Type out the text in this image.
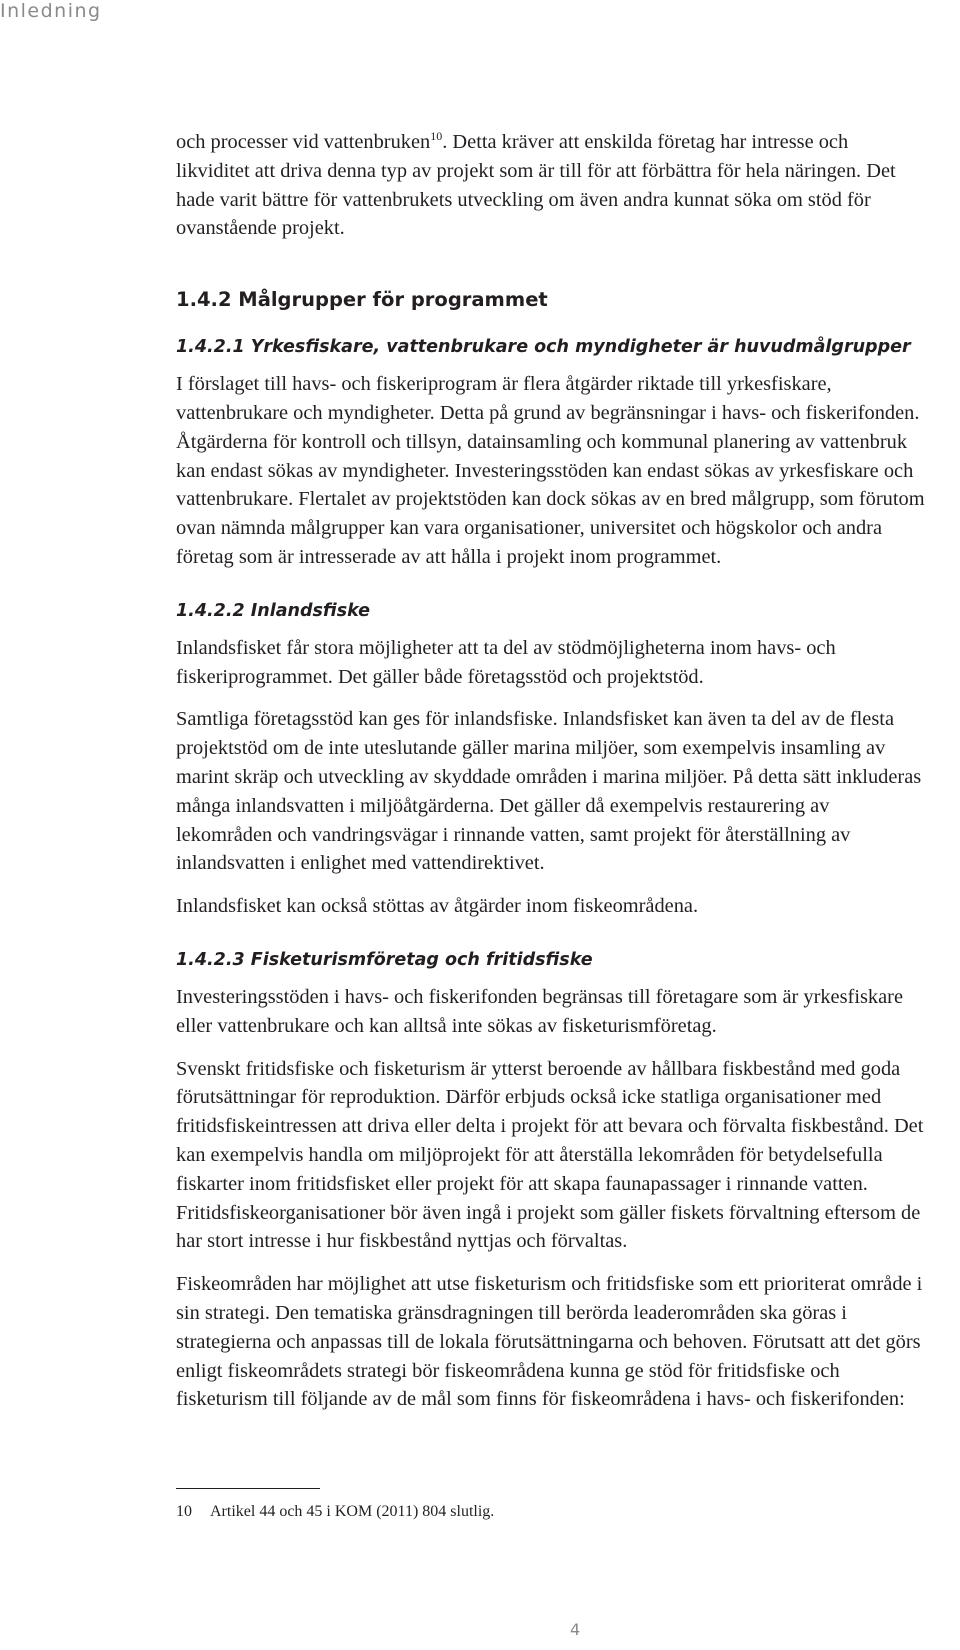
Inledning

och processer vid vattenbruken$^{10}$. Detta kräver att enskilda företag har intresse och likviditet att driva denna typ av projekt som är till för att förbättra för hela näringen. Det hade varit bättre för vattenbrukets utveckling om även andra kunnat söka om stöd för ovanstående projekt.

1.4.2 Målgrupper för programmet
1.4.2.1 Yrkesfiskare, vattenbrukare och myndigheter är huvudmålgrupper

I förslaget till havs- och fiskeriprogram är flera åtgärder riktade till yrkesfiskare, vattenbrukare och myndigheter. Detta på grund av begränsningar i havs- och fiskerifonden. Åtgärderna för kontroll och tillsyn, datainsamling och kommunal planering av vattenbruk kan endast sökas av myndigheter. Investeringsstöden kan endast sökas av yrkesfiskare och vattenbrukare. Flertalet av projektstöden kan dock sökas av en bred målgrupp, som förutom ovan nämnda målgrupper kan vara organisationer, universitet och högskolor och andra företag som är intresserade av att hålla i projekt inom programmet.

1.4.2.2 Inlandsfiske

Inlandsfisket får stora möjligheter att ta del av stödmöjligheterna inom havs- och fiskeriprogrammet. Det gäller både företagsstöd och projektstöd.

Samtliga företagsstöd kan ges för inlandsfiske. Inlandsfisket kan även ta del av de flesta projektstöd om de inte uteslutande gäller marina miljöer, som exempelvis insamling av marint skräp och utveckling av skyddade områden i marina miljöer. På detta sätt inkluderas många inlandsvatten i miljöåtgärderna. Det gäller då exempelvis restaurering av lekområden och vandringsvägar i rinnande vatten, samt projekt för återställning av inlandsvatten i enlighet med vattendirektivet.

Inlandsfisket kan också stöttas av åtgärder inom fiskeområdena.

1.4.2.3 Fisketurismföretag och fritidsfiske

Investeringsstöden i havs- och fiskerifonden begränsas till företagare som är yrkesfiskare eller vattenbrukare och kan alltså inte sökas av fisketurismföretag.

Svenskt fritidsfiske och fisketurism är ytterst beroende av hållbara fiskbestånd med goda förutsättningar för reproduktion. Därför erbjuds också icke statliga organisationer med fritidsfiskeintressen att driva eller delta i projekt för att bevara och förvalta fiskbestånd. Det kan exempelvis handla om miljöprojekt för att återställa lekområden för betydelsefulla fiskarter inom fritidsfisket eller projekt för att skapa faunapassager i rinnande vatten. Fritidsfiskeorganisationer bör även ingå i projekt som gäller fiskets förvaltning eftersom de har stort intresse i hur fiskbestånd nyttjas och förvaltas.

Fiskeområden har möjlighet att utse fisketurism och fritidsfiske som ett prioriterat område i sin strategi. Den tematiska gränsdragningen till berörda leaderområden ska göras i strategierna och anpassas till de lokala förutsättningarna och behoven. Förutsatt att det görs enligt fiskeområdets strategi bör fiskeområdena kunna ge stöd för fritidsfiske och fisketurism till följande av de mål som finns för fiskeområdena i havs- och fiskerifonden:

10 Artikel 44 och 45 i KOM (2011) 804 slutlig.
4
